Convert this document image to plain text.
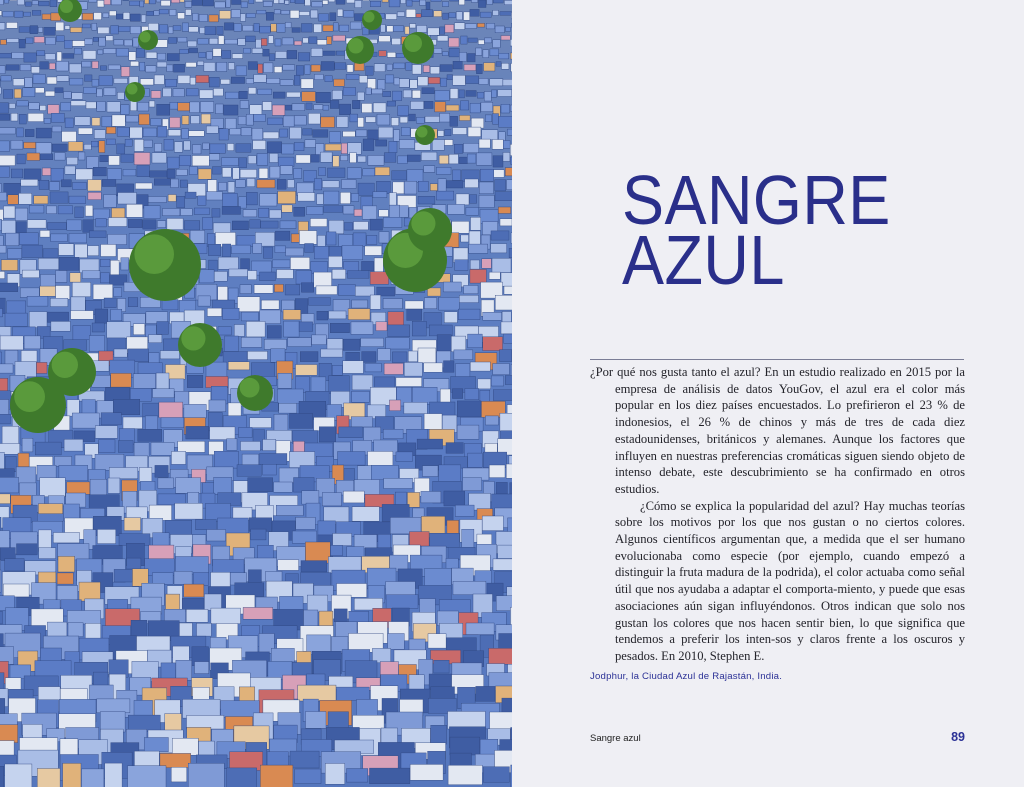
SANGRE
AZUL

¿Por qué nos gusta tanto el azul? En un estudio realizado en 2015 por la empresa de análisis de datos YouGov, el azul era el color más popular en los diez países encuestados. Lo prefirieron el 23 % de indonesios, el 26 % de chinos y más de tres de cada diez estadounidenses, británicos y alemanes. Aunque los factores que influyen en nuestras preferencias cromáticas siguen siendo objeto de intenso debate, este descubrimiento se ha confirmado en otros estudios.

¿Cómo se explica la popularidad del azul? Hay muchas teorías sobre los motivos por los que nos gustan o no ciertos colores. Algunos científicos argumentan que, a medida que el ser humano evolucionaba como especie (por ejemplo, cuando empezó a distinguir la fruta madura de la podrida), el color actuaba como señal útil que nos ayudaba a adaptar el comporta-miento, y puede que esas asociaciones aún sigan influyéndonos. Otros indican que solo nos gustan los colores que nos hacen sentir bien, lo que significa que tendemos a preferir los inten-sos y claros frente a los oscuros y pesados. En 2010, Stephen E.

Jodphur, la Ciudad Azul de Rajastán, India.
Sangre azul	89
